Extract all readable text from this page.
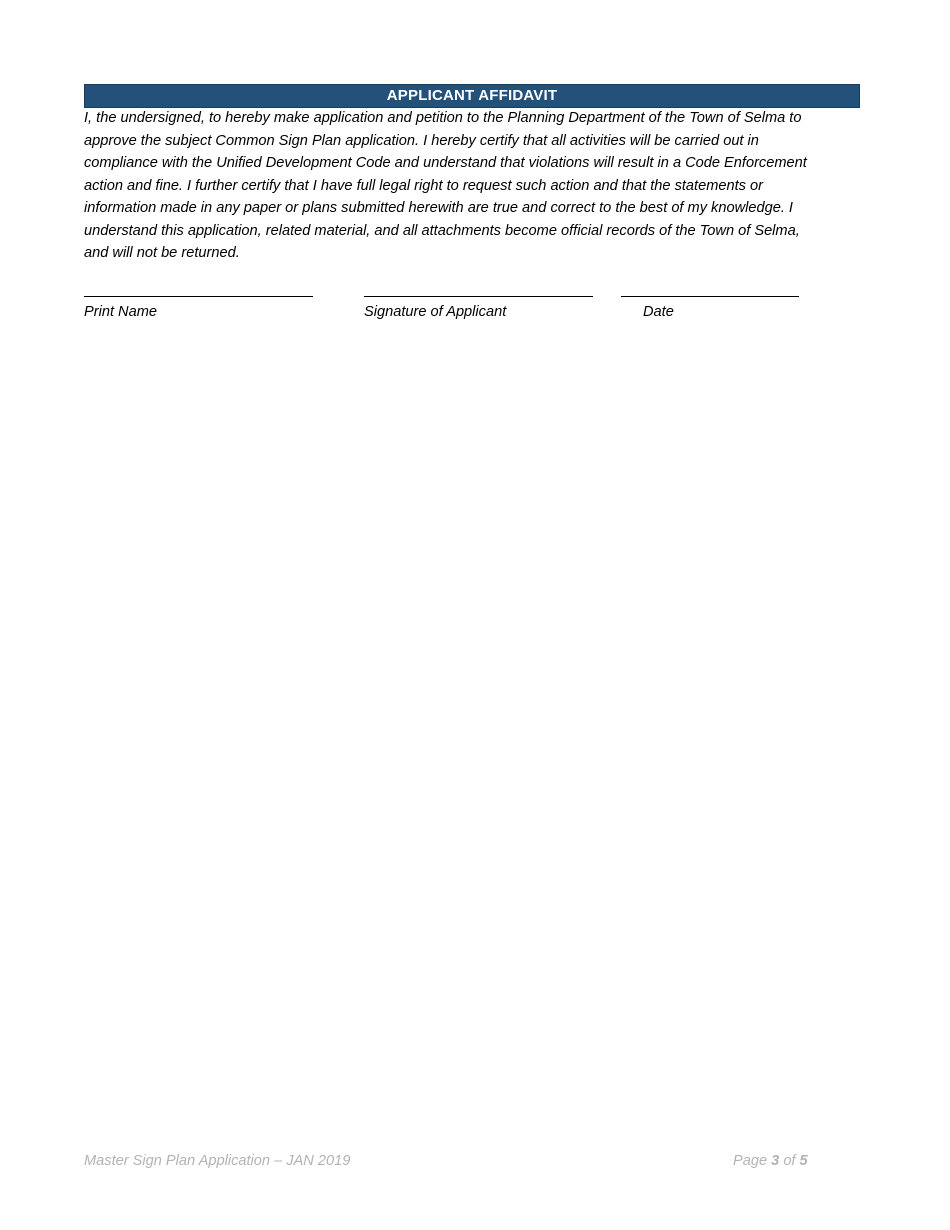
APPLICANT AFFIDAVIT
I, the undersigned, to hereby make application and petition to the Planning Department of the Town of Selma to
approve the subject Common Sign Plan application. I hereby certify that all activities will be carried out in
compliance with the Unified Development Code and understand that violations will result in a Code Enforcement
action and fine. I further certify that I have full legal right to request such action and that the statements or
information made in any paper or plans submitted herewith are true and correct to the best of my knowledge. I
understand this application, related material, and all attachments become official records of the Town of Selma,
and will not be returned.
Print Name	Signature of Applicant	Date
Master Sign Plan Application – JAN 2019	Page 3 of 5
